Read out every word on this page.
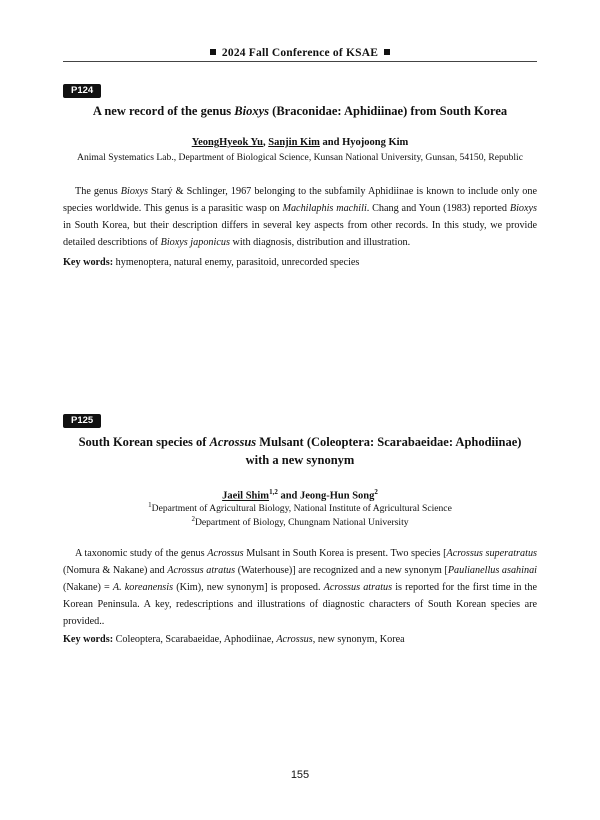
2024 Fall Conference of KSAE
P124
A new record of the genus Bioxys (Braconidae: Aphidiinae) from South Korea
YeongHyeok Yu, Sanjin Kim and Hyojoong Kim
Animal Systematics Lab., Department of Biological Science, Kunsan National University, Gunsan, 54150, Republic

The genus Bioxys Starý & Schlinger, 1967 belonging to the subfamily Aphidiinae is known to include only one species worldwide. This genus is a parasitic wasp on Machilaphis machili. Chang and Youn (1983) reported Bioxys in South Korea, but their description differs in several key aspects from other records. In this study, we provide detailed describtions of Bioxys japonicus with diagnosis, distribution and illustration.

Key words: hymenoptera, natural enemy, parasitoid, unrecorded species

P125
South Korean species of Acrossus Mulsant (Coleoptera: Scarabaeidae: Aphodiinae)
with a new synonym
Jaeil Shim$^{1,2}$ and Jeong-Hun Song$^2$
$^1$Department of Agricultural Biology, National Institute of Agricultural Science
$^2$Department of Biology, Chungnam National University

A taxonomic study of the genus Acrossus Mulsant in South Korea is present. Two species [Acrossus superatratus (Nomura & Nakane) and Acrossus atratus (Waterhouse)] are recognized and a new synonym [Paulianellus asahinai (Nakane) = A. koreanensis (Kim), new synonym] is proposed. Acrossus atratus is reported for the first time in the Korean Peninsula. A key, redescriptions and illustrations of diagnostic characters of South Korean species are provided..

Key words: Coleoptera, Scarabaeidae, Aphodiinae, Acrossus, new synonym, Korea

155
